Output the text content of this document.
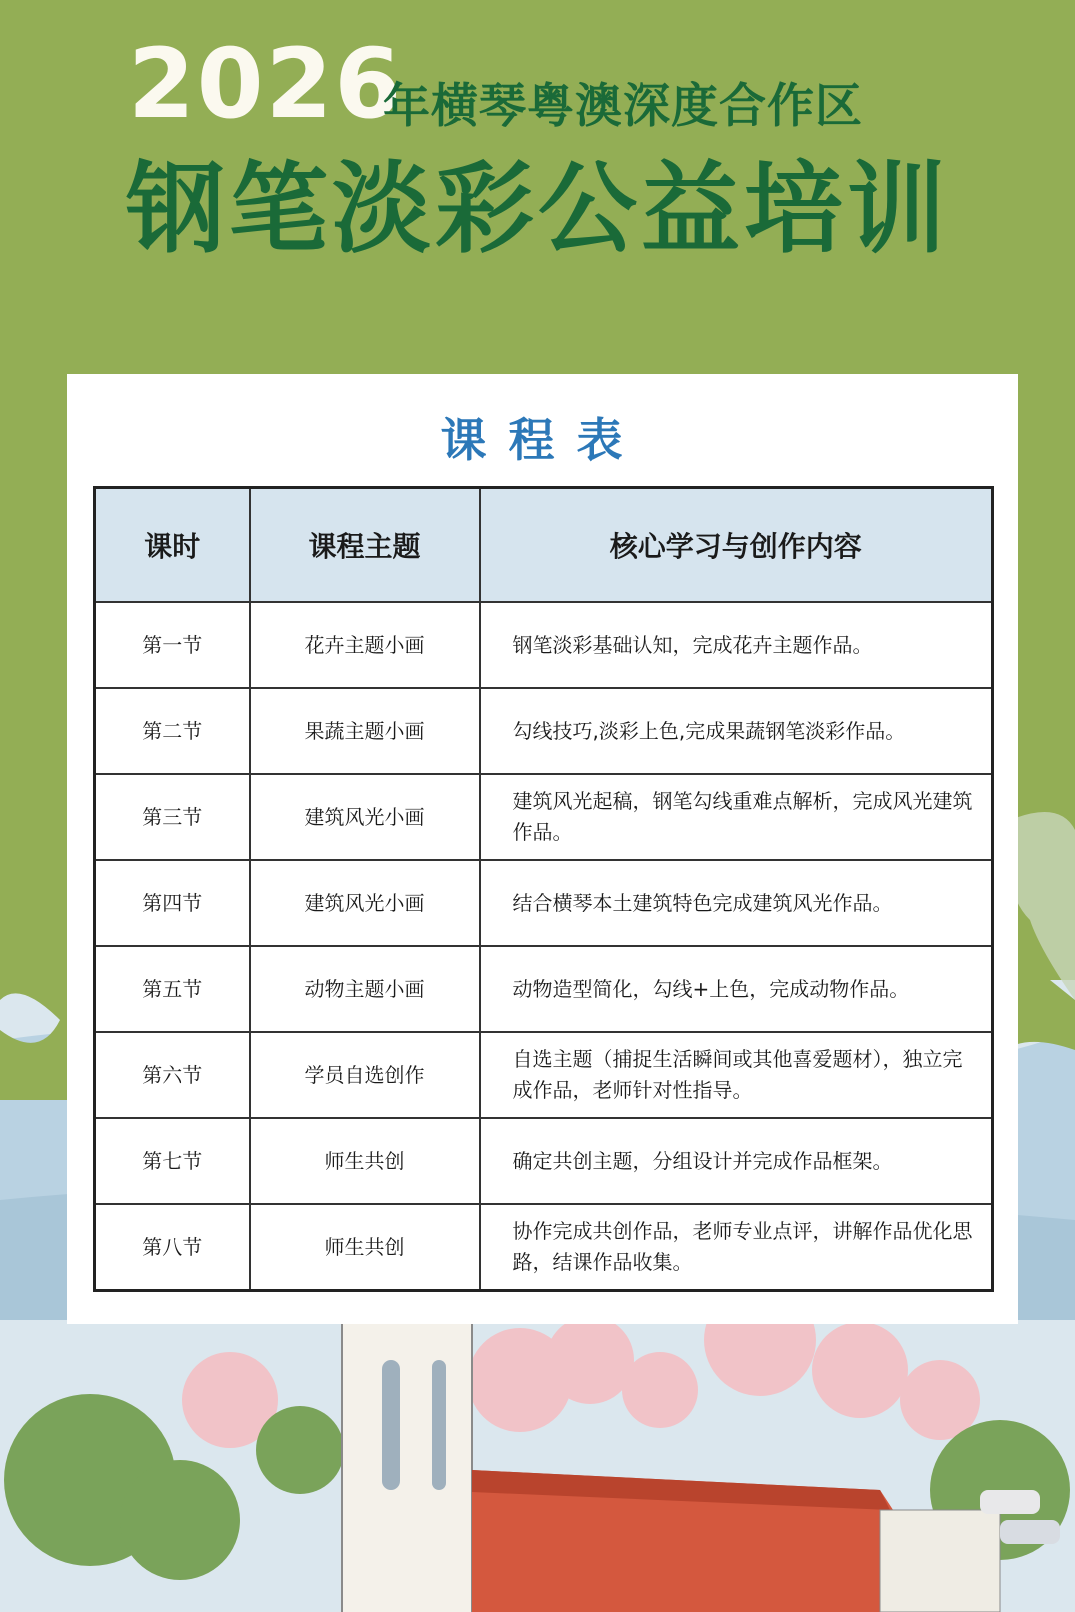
2026
年横琴粤澳深度合作区
钢笔淡彩公益培训
课程表
课时	课程主题	核心学习与创作内容
第一节	花卉主题小画	钢笔淡彩基础认知，完成花卉主题作品。
第二节	果蔬主题小画	勾线技巧,淡彩上色,完成果蔬钢笔淡彩作品。
第三节	建筑风光小画	建筑风光起稿，钢笔勾线重难点解析，完成风光建筑作品。
第四节	建筑风光小画	结合横琴本土建筑特色完成建筑风光作品。
第五节	动物主题小画	动物造型简化，勾线+上色，完成动物作品。
第六节	学员自选创作	自选主题（捕捉生活瞬间或其他喜爱题材），独立完成作品，老师针对性指导。
第七节	师生共创	确定共创主题，分组设计并完成作品框架。
第八节	师生共创	协作完成共创作品，老师专业点评，讲解作品优化思路，结课作品收集。
